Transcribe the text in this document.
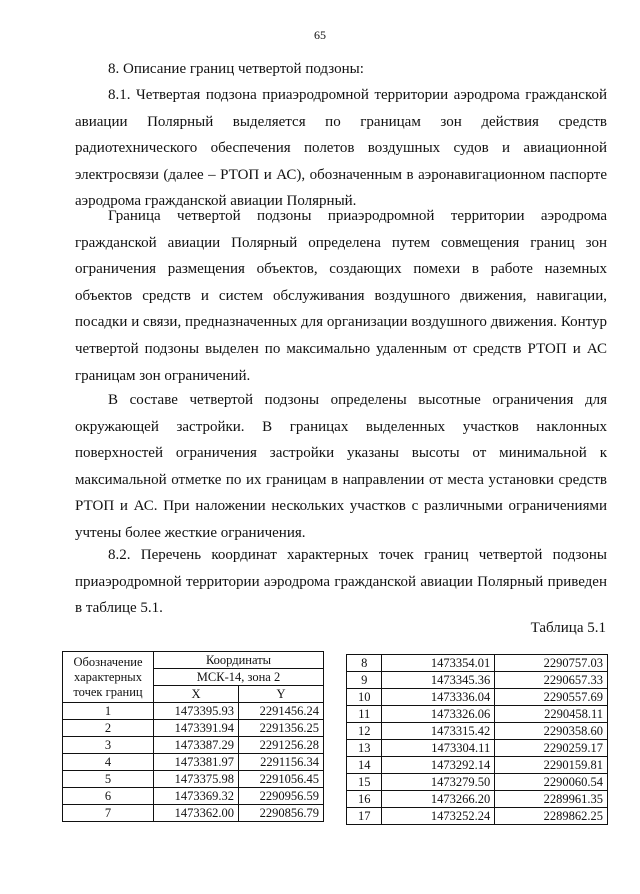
65
8. Описание границ четвертой подзоны:

8.1. Четвертая подзона приаэродромной территории аэродрома гражданской авиации Полярный выделяется по границам зон действия средств радиотехнического обеспечения полетов воздушных судов и авиационной электросвязи (далее – РТОП и АС), обозначенным в аэронавигационном паспорте аэродрома гражданской авиации Полярный.

Граница четвертой подзоны приаэродромной территории аэродрома гражданской авиации Полярный определена путем совмещения границ зон ограничения размещения объектов, создающих помехи в работе наземных объектов средств и систем обслуживания воздушного движения, навигации, посадки и связи, предназначенных для организации воздушного движения. Контур четвертой подзоны выделен по максимально удаленным от средств РТОП и АС границам зон ограничений.

В составе четвертой подзоны определены высотные ограничения для окружающей застройки. В границах выделенных участков наклонных поверхностей ограничения застройки указаны высоты от минимальной к максимальной отметке по их границам в направлении от места установки средств РТОП и АС. При наложении нескольких участков с различными ограничениями учтены более жесткие ограничения.

8.2. Перечень координат характерных точек границ четвертой подзоны приаэродромной территории аэродрома гражданской авиации Полярный приведен в таблице 5.1.

Таблица 5.1
Обозначение характерных точек границ	Координаты	
	МСК-14, зона 2	
	X	Y
1	1473395.93	2291456.24
2	1473391.94	2291356.25
3	1473387.29	2291256.28
4	1473381.97	2291156.34
5	1473375.98	2291056.45
6	1473369.32	2290956.59
7	1473362.00	2290856.79
8	1473354.01	2290757.03
9	1473345.36	2290657.33
10	1473336.04	2290557.69
11	1473326.06	2290458.11
12	1473315.42	2290358.60
13	1473304.11	2290259.17
14	1473292.14	2290159.81
15	1473279.50	2290060.54
16	1473266.20	2289961.35
17	1473252.24	2289862.25
